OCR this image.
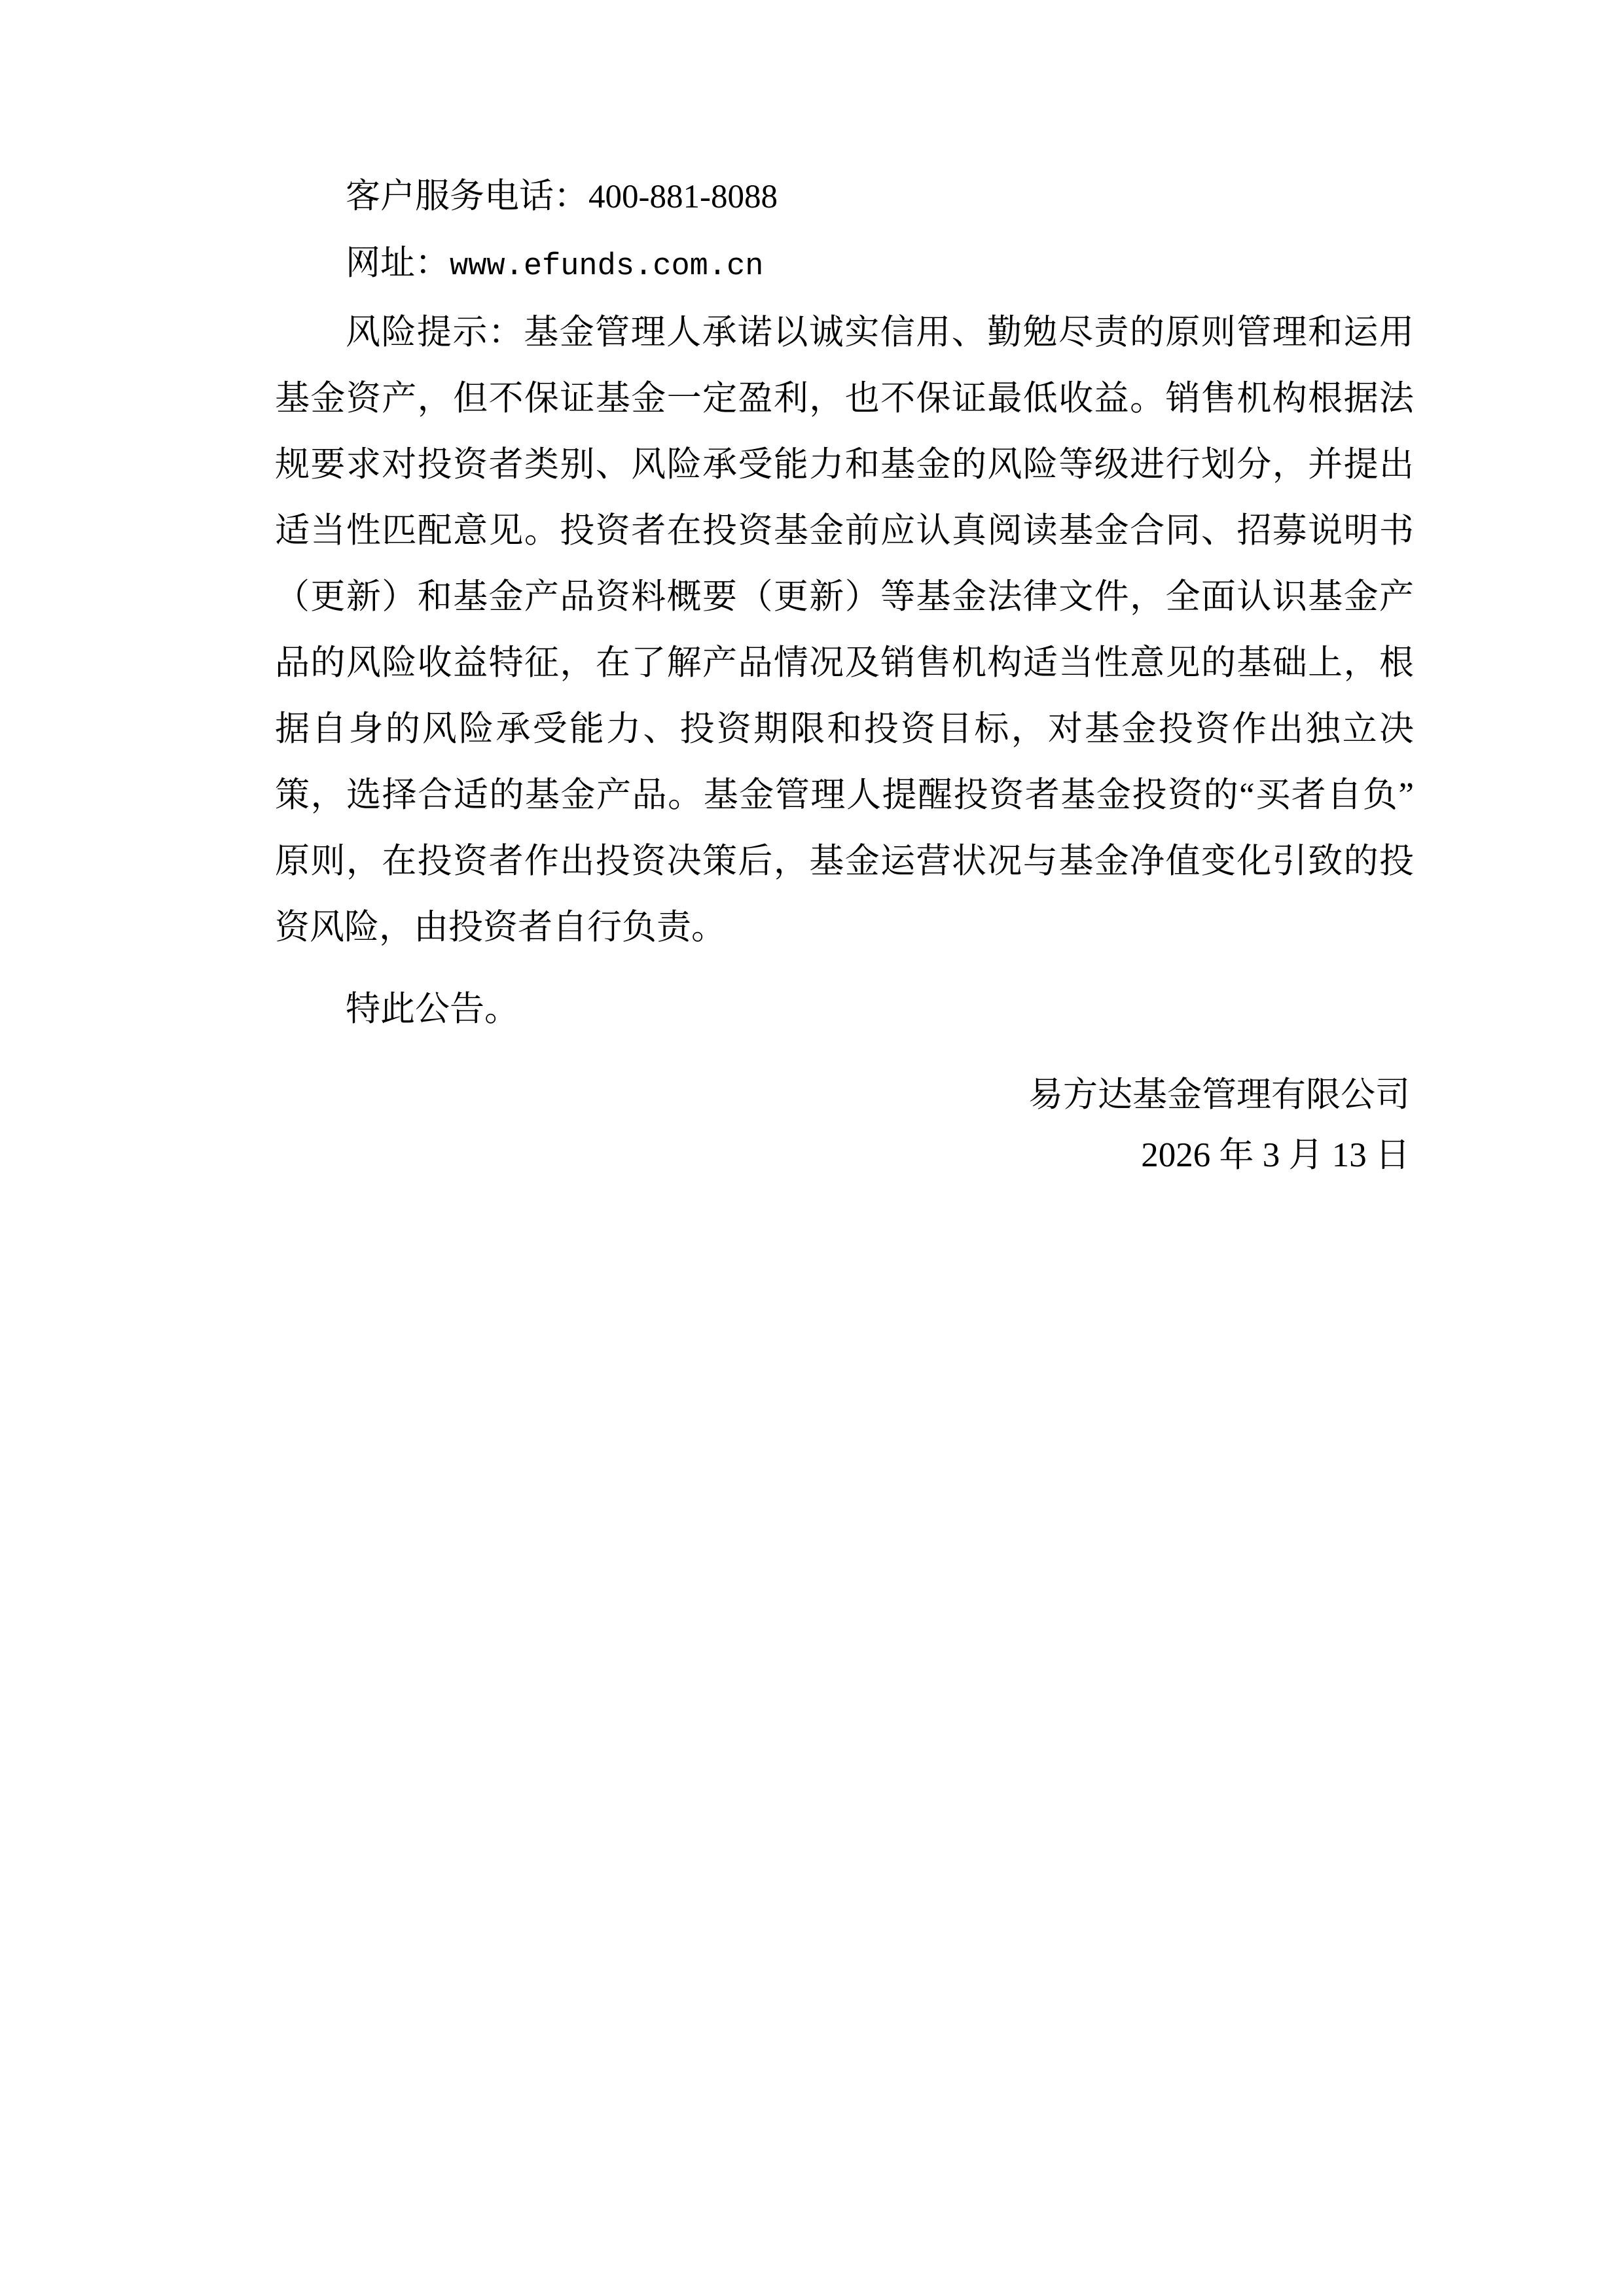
客户服务电话：400-881-8088

网址：www.efunds.com.cn

风险提示：基金管理人承诺以诚实信用、勤勉尽责的原则管理和运用基金资产，但不保证基金一定盈利，也不保证最低收益。销售机构根据法规要求对投资者类别、风险承受能力和基金的风险等级进行划分，并提出适当性匹配意见。投资者在投资基金前应认真阅读基金合同、招募说明书（更新）和基金产品资料概要（更新）等基金法律文件，全面认识基金产品的风险收益特征，在了解产品情况及销售机构适当性意见的基础上，根据自身的风险承受能力、投资期限和投资目标，对基金投资作出独立决策，选择合适的基金产品。基金管理人提醒投资者基金投资的“买者自负”原则，在投资者作出投资决策后，基金运营状况与基金净值变化引致的投资风险，由投资者自行负责。

特此公告。

易方达基金管理有限公司

2026 年 3 月 13 日
